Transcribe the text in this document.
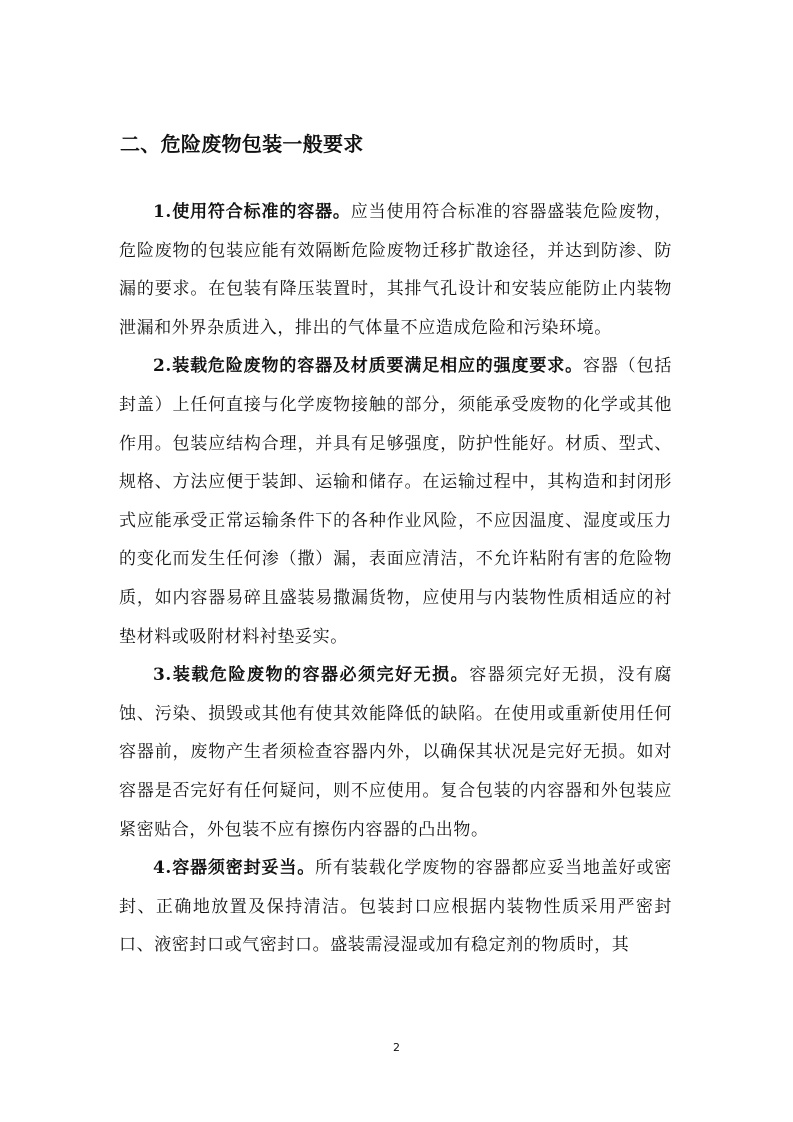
二、危险废物包装一般要求

1.使用符合标准的容器。应当使用符合标准的容器盛装危险废物，危险废物的包装应能有效隔断危险废物迁移扩散途径，并达到防渗、防漏的要求。在包装有降压装置时，其排气孔设计和安装应能防止内装物泄漏和外界杂质进入，排出的气体量不应造成危险和污染环境。

2.装载危险废物的容器及材质要满足相应的强度要求。容器（包括封盖）上任何直接与化学废物接触的部分，须能承受废物的化学或其他作用。包装应结构合理，并具有足够强度，防护性能好。材质、型式、规格、方法应便于装卸、运输和储存。在运输过程中，其构造和封闭形式应能承受正常运输条件下的各种作业风险，不应因温度、湿度或压力的变化而发生任何渗（撒）漏，表面应清洁，不允许粘附有害的危险物质，如内容器易碎且盛装易撒漏货物，应使用与内装物性质相适应的衬垫材料或吸附材料衬垫妥实。

3.装载危险废物的容器必须完好无损。容器须完好无损，没有腐蚀、污染、损毁或其他有使其效能降低的缺陷。在使用或重新使用任何容器前，废物产生者须检查容器内外，以确保其状况是完好无损。如对容器是否完好有任何疑问，则不应使用。复合包装的内容器和外包装应紧密贴合，外包装不应有擦伤内容器的凸出物。

4.容器须密封妥当。所有装载化学废物的容器都应妥当地盖好或密封、正确地放置及保持清洁。包装封口应根据内装物性质采用严密封口、液密封口或气密封口。盛装需浸湿或加有稳定剂的物质时，其

2
